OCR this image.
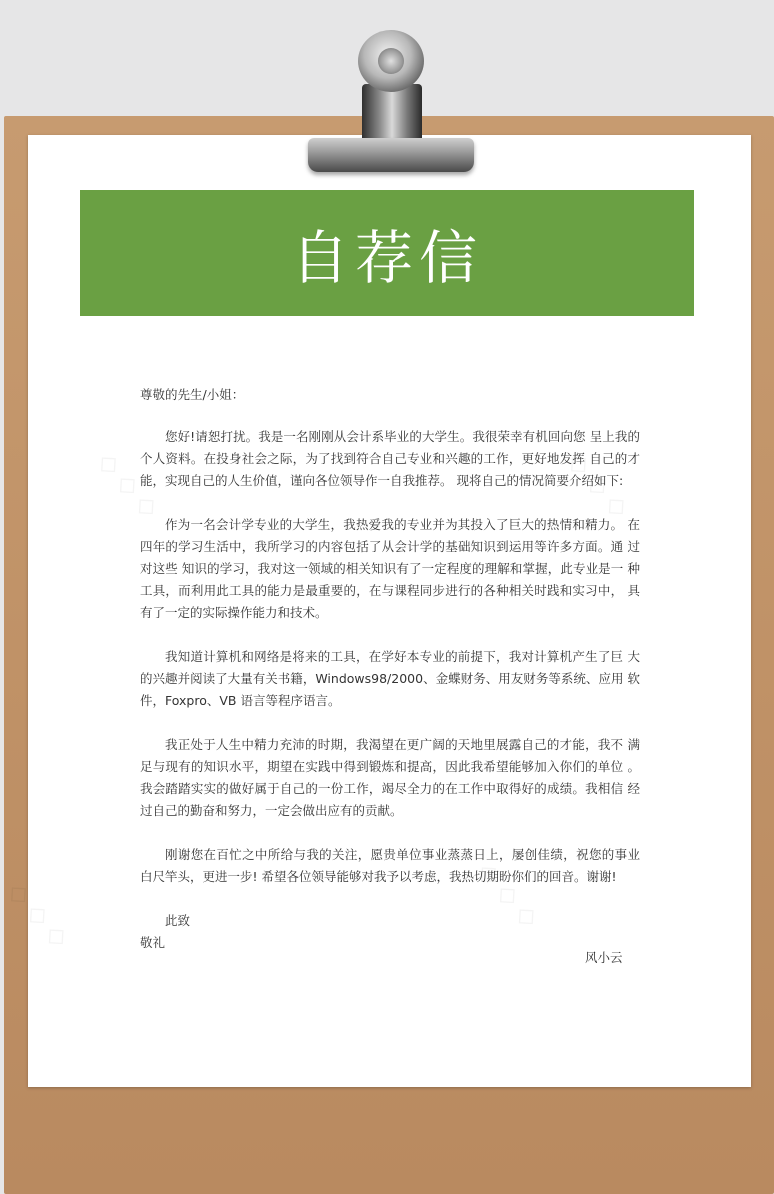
自荐信

尊敬的先生/小姐：

您好!请恕打扰。我是一名刚刚从会计系毕业的大学生。我很荣幸有机回向您 呈上我的个人资料。在投身社会之际，为了找到符合自己专业和兴趣的工作，更好地发挥 自己的才能，实现自己的人生价值，谨向各位领导作一自我推荐。 现将自己的情况简要介绍如下:

作为一名会计学专业的大学生，我热爱我的专业并为其投入了巨大的热情和精力。 在四年的学习生活中，我所学习的内容包括了从会计学的基础知识到运用等许多方面。通 过对这些 知识的学习，我对这一领域的相关知识有了一定程度的理解和掌握，此专业是一 种工具，而利用此工具的能力是最重要的，在与课程同步进行的各种相关时践和实习中， 具有了一定的实际操作能力和技术。

我知道计算机和网络是将来的工具，在学好本专业的前提下，我对计算机产生了巨 大的兴趣并阅读了大量有关书籍，Windows98/2000、金蝶财务、用友财务等系统、应用 软件，Foxpro、VB 语言等程序语言。

我正处于人生中精力充沛的时期，我渴望在更广阔的天地里展露自己的才能，我不 满足与现有的知识水平，期望在实践中得到锻炼和提高，因此我希望能够加入你们的单位 。我会踏踏实实的做好属于自己的一份工作，竭尽全力的在工作中取得好的成绩。我相信 经过自己的勤奋和努力，一定会做出应有的贡献。

刚谢您在百忙之中所给与我的关注，愿贵单位事业蒸蒸日上，屡创佳绩，祝您的事业 白尺竿头，更进一步! 希望各位领导能够对我予以考虑，我热切期盼你们的回音。谢谢!

此致

敬礼

风小云
